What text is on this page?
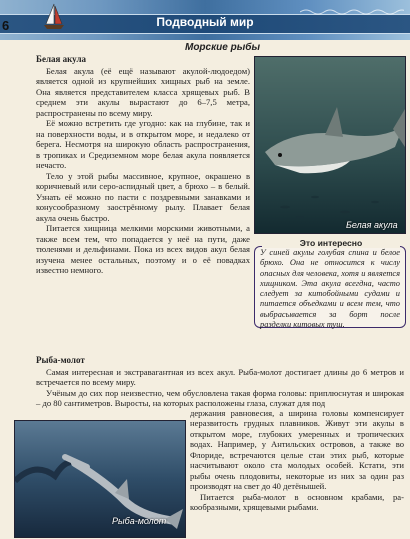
6	Подводный мир
Морские рыбы
Белая акула

Белая акула (её ещё называют акулой-людоедом) является одной из крупнейших хищных рыб на земле. Она является представителем класса хрящевых рыб. В среднем эти акулы вырастают до 6–7,5 метра, распространены по всему миру.

Её можно встретить где угодно: как на глубине, так и на поверхности воды, и в открытом море, и недалеко от берега. Несмотря на широкую область распространения, в тропиках и Средиземном море белая акула появляется нечасто.

Тело у этой рыбы массивное, крупное, окрашено в коричневый или серо-аспидный цвет, а брюхо – в белый. Узнать её можно по пасти с поздревными занавками и конусообразному заострённому рылу. Плавает белая акула очень быстро.

Питается хищница мелкими морскими животными, а также всем тем, что попадается у неё на пути, даже тюленями и дельфинами. Пока из всех видов акул белая изучена менее остальных, поэтому и о её повадках известно немного.

Белая акула
Это интересно
У синей акулы голубая спина и белое брюхо. Она не относится к числу опасных для человека, хотя и является хищником. Эта акула всегдна, часто следует за китобойными судами и питается объедками и всем тем, что выбрасывается за борт после разделки китовых туш.
Рыба-молот

Самая интересная и экстравагантная из всех акул. Рыба-молот достигает длины до 6 метров и встречается по всему миру.

Учёным до сих пор неизвестно, чем обусловлена такая форма головы: приплюснутая и широкая – до 80 сантиметров. Выросты, на которых расположены глаза, служат для под

Рыба-молот

держания равновесия, а ширина головы компенсирует неразвитость грудных плавников. Живут эти акулы в открытом море, глубоких умеренных и тропических водах. Например, у Антильских островов, а также во Флориде, встречаются целые стаи этих рыб, которые насчитывают около ста молодых особей. Кстати, эти рыбы очень плодовиты, некоторые из них за один раз производят на свет до 40 детёнышей.

Питается рыба-молот в основном крабами, ракообразными, хрящевыми рыбами.
